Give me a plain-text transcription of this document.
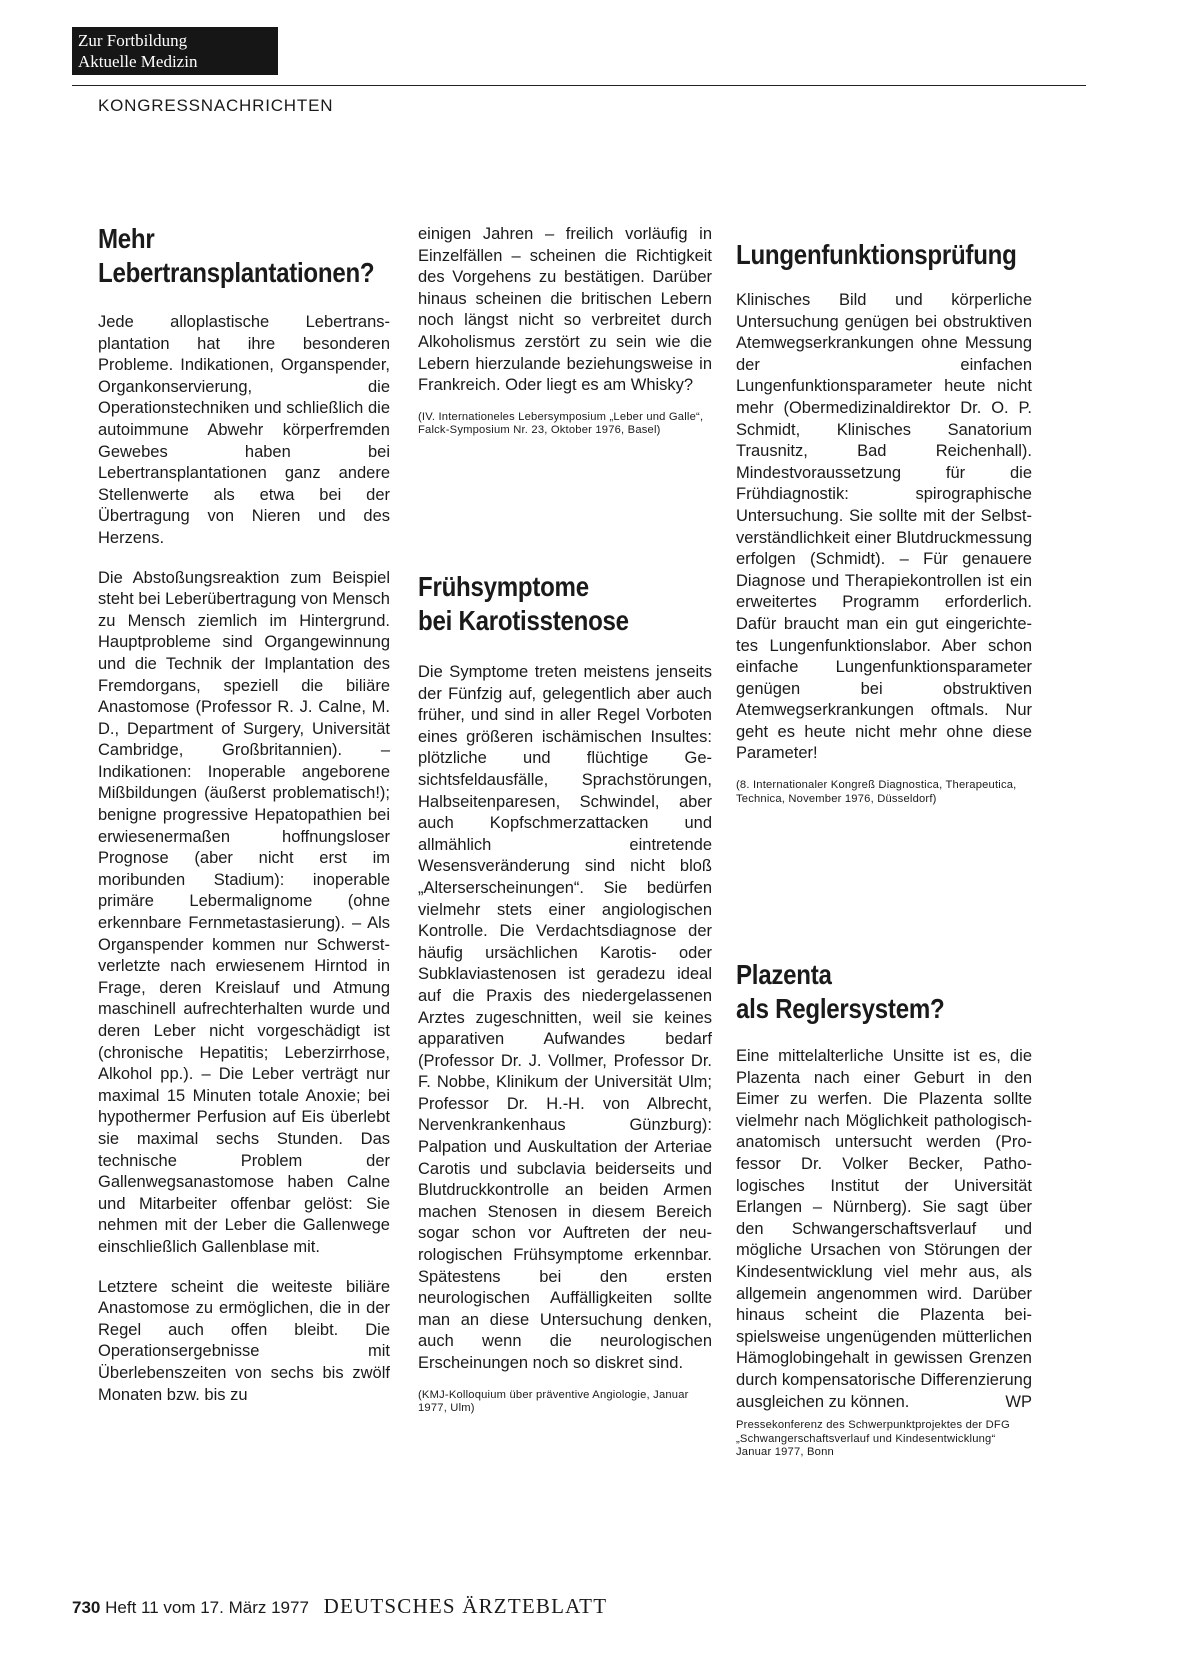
Zur Fortbildung
Aktuelle Medizin
KONGRESSNACHRICHTEN
Mehr
Lebertransplantationen?

Jede alloplastische Lebertransplantation hat ihre besonderen Probleme. Indikationen, Organspender, Organkonservierung, die Operationstechniken und schließlich die autoimmune Abwehr körperfremden Gewebes haben bei Lebertransplantationen ganz andere Stellenwerte als etwa bei der Übertragung von Nieren und des Herzens.

Die Abstoßungsreaktion zum Beispiel steht bei Leberübertragung von Mensch zu Mensch ziemlich im Hintergrund. Hauptprobleme sind Organgewinnung und die Technik der Implantation des Fremdorgans, speziell die biliäre Anastomose (Professor R. J. Calne, M. D., Department of Surgery, Universität Cambridge, Großbritannien). – Indikationen: Inoperable angeborene Mißbildungen (äußerst problematisch!); benigne progressive Hepatopathien bei erwiesenermaßen hoffnungsloser Prognose (aber nicht erst im moribunden Stadium): inoperable primäre Lebermalignome (ohne erkennbare Fernmetastasierung). – Als Organspender kommen nur Schwerstverletzte nach erwiesenem Hirntod in Frage, deren Kreislauf und Atmung maschinell aufrechterhalten wurde und deren Leber nicht vorgeschädigt ist (chronische Hepatitis; Leberzirrhose, Alkohol pp.). – Die Leber verträgt nur maximal 15 Minuten totale Anoxie; bei hypothermer Perfusion auf Eis überlebt sie maximal sechs Stunden. Das technische Problem der Gallenwegsanastomose haben Calne und Mitarbeiter offenbar gelöst: Sie nehmen mit der Leber die Gallenwege einschließlich Gallenblase mit.

Letztere scheint die weiteste biliäre Anastomose zu ermöglichen, die in der Regel auch offen bleibt. Die Operationsergebnisse mit Überlebenszeiten von sechs bis zwölf Monaten bzw. bis zu

einigen Jahren – freilich vorläufig in Einzelfällen – scheinen die Richtigkeit des Vorgehens zu bestätigen. Darüber hinaus scheinen die britischen Lebern noch längst nicht so verbreitet durch Alkoholismus zerstört zu sein wie die Lebern hierzulande beziehungsweise in Frankreich. Oder liegt es am Whisky?

(IV. Internationeles Lebersymposium „Leber und Galle“, Falck-Symposium Nr. 23, Oktober 1976, Basel)

Frühsymptome
bei Karotisstenose

Die Symptome treten meistens jenseits der Fünfzig auf, gelegentlich aber auch früher, und sind in aller Regel Vorboten eines größeren ischämischen Insultes: plötzliche und flüchtige Gesichtsfeldausfälle, Sprachstörungen, Halbseitenparesen, Schwindel, aber auch Kopfschmerzattacken und allmählich eintretende Wesensveränderung sind nicht bloß „Alterserscheinungen“. Sie bedürfen vielmehr stets einer angiologischen Kontrolle. Die Verdachtsdiagnose der häufig ursächlichen Karotis- oder Subklaviastenosen ist geradezu ideal auf die Praxis des niedergelassenen Arztes zugeschnitten, weil sie keines apparativen Aufwandes bedarf (Professor Dr. J. Vollmer, Professor Dr. F. Nobbe, Klinikum der Universität Ulm; Professor Dr. H.-H. von Albrecht, Nervenkrankenhaus Günzburg): Palpation und Auskultation der Arteriae Carotis und subclavia beiderseits und Blutdruckkontrolle an beiden Armen machen Stenosen in diesem Bereich sogar schon vor Auftreten der neurologischen Frühsymptome erkennbar. Spätestens bei den ersten neurologischen Auffälligkeiten sollte man an diese Untersuchung denken, auch wenn die neurologischen Erscheinungen noch so diskret sind.

(KMJ-Kolloquium über präventive Angiologie, Januar 1977, Ulm)

Lungenfunktionsprüfung

Klinisches Bild und körperliche Untersuchung genügen bei obstruktiven Atemwegserkrankungen ohne Messung der einfachen Lungenfunktionsparameter heute nicht mehr (Obermedizinaldirektor Dr. O. P. Schmidt, Klinisches Sanatorium Trausnitz, Bad Reichenhall). Mindestvoraussetzung für die Frühdiagnostik: spirographische Untersuchung. Sie sollte mit der Selbstverständlichkeit einer Blutdruckmessung erfolgen (Schmidt). – Für genauere Diagnose und Therapiekontrollen ist ein erweitertes Programm erforderlich. Dafür braucht man ein gut eingerichtetes Lungenfunktionslabor. Aber schon einfache Lungenfunktionsparameter genügen bei obstruktiven Atemwegserkrankungen oftmals. Nur geht es heute nicht mehr ohne diese Parameter!

(8. Internationaler Kongreß Diagnostica, Therapeutica, Technica, November 1976, Düsseldorf)

Plazenta
als Reglersystem?

Eine mittelalterliche Unsitte ist es, die Plazenta nach einer Geburt in den Eimer zu werfen. Die Plazenta sollte vielmehr nach Möglichkeit pathologisch-anatomisch untersucht werden (Professor Dr. Volker Becker, Pathologisches Institut der Universität Erlangen – Nürnberg). Sie sagt über den Schwangerschaftsverlauf und mögliche Ursachen von Störungen der Kindesentwicklung viel mehr aus, als allgemein angenommen wird. Darüber hinaus scheint die Plazenta beispielsweise ungenügenden mütterlichen Hämoglobingehalt in gewissen Grenzen durch kompensatorische Differenzierung ausgleichen zu können.	WP

Pressekonferenz des Schwerpunktprojektes der DFG „Schwangerschaftsverlauf und Kindesentwicklung“ Januar 1977, Bonn

730 Heft 11 vom 17. März 1977 DEUTSCHES ÄRZTEBLATT
